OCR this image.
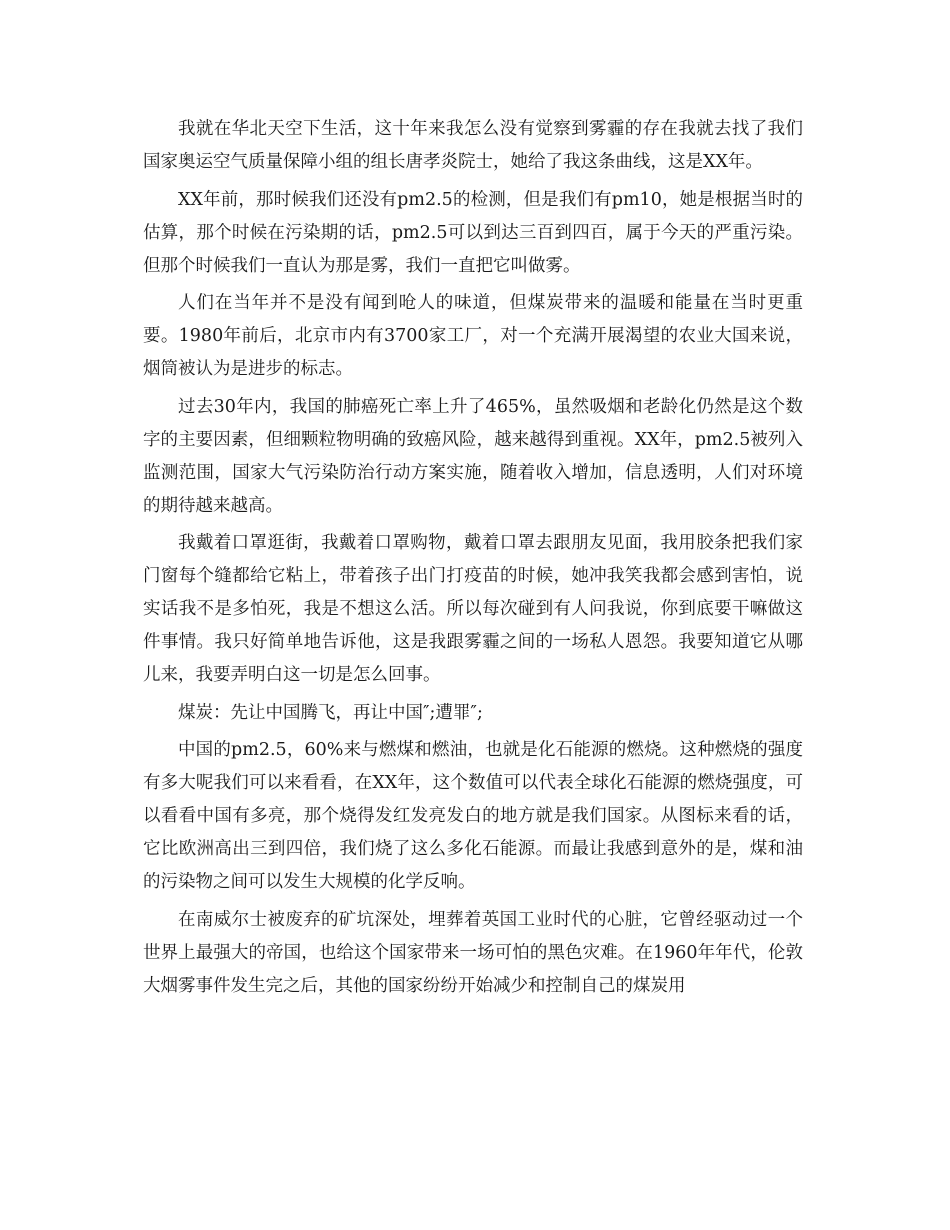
我就在华北天空下生活，这十年来我怎么没有觉察到雾霾的存在我就去找了我们国家奥运空气质量保障小组的组长唐孝炎院士，她给了我这条曲线，这是XX年。

XX年前，那时候我们还没有pm2.5的检测，但是我们有pm10，她是根据当时的估算，那个时候在污染期的话，pm2.5可以到达三百到四百，属于今天的严重污染。但那个时候我们一直认为那是雾，我们一直把它叫做雾。

人们在当年并不是没有闻到呛人的味道，但煤炭带来的温暖和能量在当时更重要。1980年前后，北京市内有3700家工厂，对一个充满开展渴望的农业大国来说，烟筒被认为是进步的标志。

过去30年内，我国的肺癌死亡率上升了465%，虽然吸烟和老龄化仍然是这个数字的主要因素，但细颗粒物明确的致癌风险，越来越得到重视。XX年，pm2.5被列入监测范围，国家大气污染防治行动方案实施，随着收入增加，信息透明，人们对环境的期待越来越高。

我戴着口罩逛街，我戴着口罩购物，戴着口罩去跟朋友见面，我用胶条把我们家门窗每个缝都给它粘上，带着孩子出门打疫苗的时候，她冲我笑我都会感到害怕，说实话我不是多怕死，我是不想这么活。所以每次碰到有人问我说，你到底要干嘛做这件事情。我只好简单地告诉他，这是我跟雾霾之间的一场私人恩怨。我要知道它从哪儿来，我要弄明白这一切是怎么回事。

煤炭：先让中国腾飞，再让中国″;遭罪″;

中国的pm2.5，60%来与燃煤和燃油，也就是化石能源的燃烧。这种燃烧的强度有多大呢我们可以来看看，在XX年，这个数值可以代表全球化石能源的燃烧强度，可以看看中国有多亮，那个烧得发红发亮发白的地方就是我们国家。从图标来看的话，它比欧洲高出三到四倍，我们烧了这么多化石能源。而最让我感到意外的是，煤和油的污染物之间可以发生大规模的化学反响。

在南威尔士被废弃的矿坑深处，埋葬着英国工业时代的心脏，它曾经驱动过一个世界上最强大的帝国，也给这个国家带来一场可怕的黑色灾难。在1960年年代，伦敦大烟雾事件发生完之后，其他的国家纷纷开始减少和控制自己的煤炭用
